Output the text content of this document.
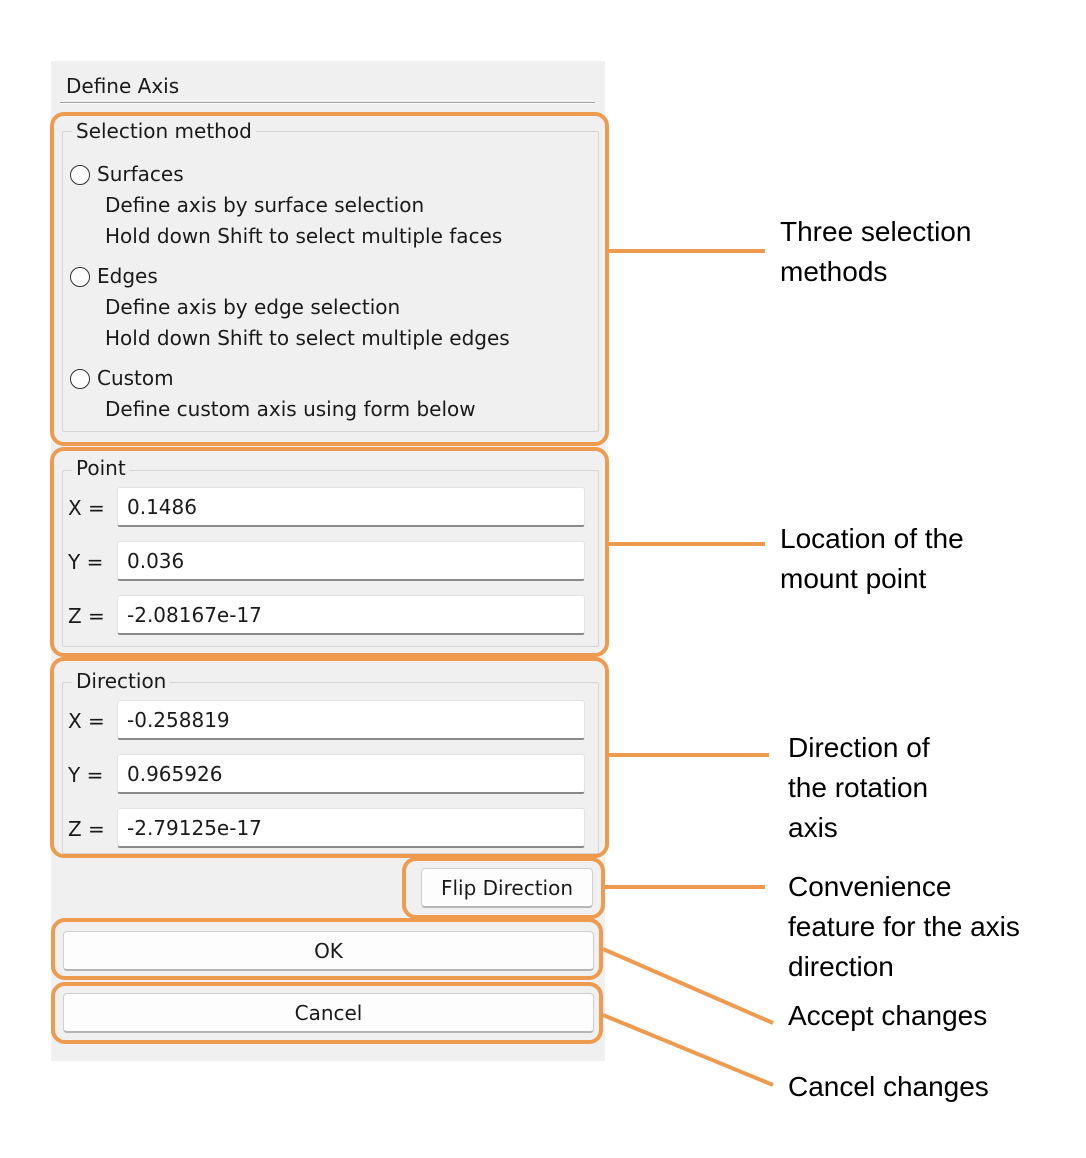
Define Axis
Selection method
Surfaces
Define axis by surface selection
Hold down Shift to select multiple faces
Edges
Define axis by edge selection
Hold down Shift to select multiple edges
Custom
Define custom axis using form below
Point
X =	0.1486
Y =	0.036
Z =	-2.08167e-17
Direction
X =	-0.258819
Y =	0.965926
Z =	-2.79125e-17
Flip Direction
OK
Cancel
Three selection
methods
Location of the
mount point
Direction of
the rotation
axis
Convenience
feature for the axis
direction
Accept changes
Cancel changes
